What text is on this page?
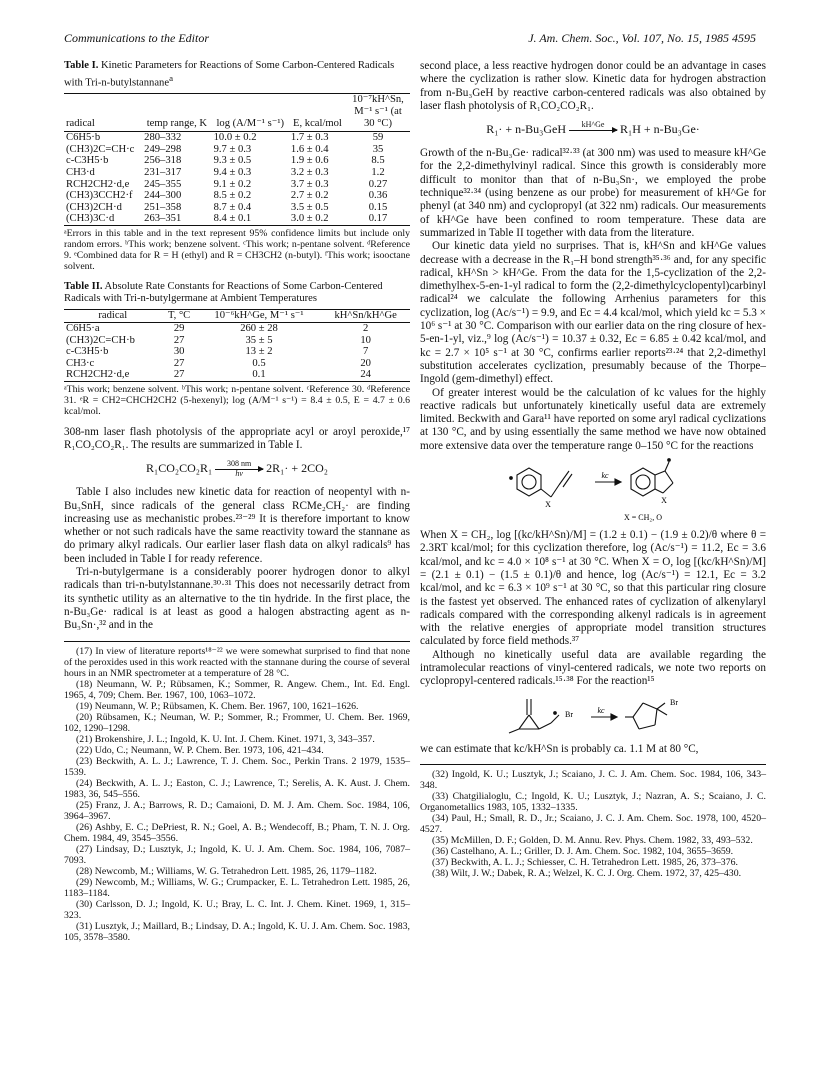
Communications to the Editor	J. Am. Chem. Soc., Vol. 107, No. 15, 1985 4595
Table I. Kinetic Parameters for Reactions of Some Carbon-Centered Radicals with Tri-n-butylstannane$^a$
radical	temp range, K	log (A/M⁻¹ s⁻¹)	E, kcal/mol	10⁻⁷kH^Sn, M⁻¹ s⁻¹ (at 30 °C)

C6H5·b	280–332	10.0 ± 0.2	1.7 ± 0.3	59
(CH3)2C=CH·c	249–298	9.7 ± 0.3	1.6 ± 0.4	35
c-C3H5·b	256–318	9.3 ± 0.5	1.9 ± 0.6	8.5
CH3·d	231–317	9.4 ± 0.3	3.2 ± 0.3	1.2
RCH2CH2·d,e	245–355	9.1 ± 0.2	3.7 ± 0.3	0.27
(CH3)3CCH2·f	244–300	8.5 ± 0.2	2.7 ± 0.2	0.36
(CH3)2CH·d	251–358	8.7 ± 0.4	3.5 ± 0.5	0.15
(CH3)3C·d	263–351	8.4 ± 0.1	3.0 ± 0.2	0.17
ᵃErrors in this table and in the text represent 95% confidence limits but include only random errors. ᵇThis work; benzene solvent. ᶜThis work; n-pentane solvent. ᵈReference 9. ᵉCombined data for R = H (ethyl) and R = CH3CH2 (n-butyl). ᶠThis work; isooctane solvent.
Table II. Absolute Rate Constants for Reactions of Some Carbon-Centered Radicals with Tri-n-butylgermane at Ambient Temperatures
radical	T, °C	10⁻⁶kH^Ge, M⁻¹ s⁻¹	kH^Sn/kH^Ge

C6H5·a	29	260 ± 28	2
(CH3)2C=CH·b	27	35 ± 5	10
c-C3H5·b	30	13 ± 2	7
CH3·c	27	0.5	20
RCH2CH2·d,e	27	0.1	24
ᵃThis work; benzene solvent. ᵇThis work; n-pentane solvent. ᶜReference 30. ᵈReference 31. ᵉR = CH2=CHCH2CH2 (5-hexenyl); log (A/M⁻¹ s⁻¹) = 8.4 ± 0.5, E = 4.7 ± 0.6 kcal/mol.

308-nm laser flash photolysis of the appropriate acyl or aroyl peroxide,¹⁷ R₁CO₂CO₂R₁. The results are summarized in Table I.

$R_1CO_2CO_2R_1 \frac{308 nm}{h\nu} 2R_1\cdot + 2CO_2$

Table I also includes new kinetic data for reaction of neopentyl with n-Bu₃SnH, since radicals of the general class RCMe₂CH₂· are finding increasing use as mechanistic probes.²³⁻²⁹ It is therefore important to know whether or not such radicals have the same reactivity toward the stannane as do primary alkyl radicals. Our earlier laser flash data on alkyl radicals⁹ has been included in Table I for ready reference.

Tri-n-butylgermane is a considerably poorer hydrogen donor to alkyl radicals than tri-n-butylstannane.³⁰·³¹ This does not necessarily detract from its synthetic utility as an alternative to the tin hydride. In the first place, the n-Bu₃Ge· radical is at least as good a halogen abstracting agent as n-Bu₃Sn·,³² and in the

(17) In view of literature reports¹⁸⁻²² we were somewhat surprised to find that none of the peroxides used in this work reacted with the stannane during the course of several hours in an NMR spectrometer at a temperature of 28 °C.
(18) Neumann, W. P.; Rübsamen, K.; Sommer, R. Angew. Chem., Int. Ed. Engl. 1965, 4, 709; Chem. Ber. 1967, 100, 1063–1072.
(19) Neumann, W. P.; Rübsamen, K. Chem. Ber. 1967, 100, 1621–1626.
(20) Rübsamen, K.; Neuman, W. P.; Sommer, R.; Frommer, U. Chem. Ber. 1969, 102, 1290–1298.
(21) Brokenshire, J. L.; Ingold, K. U. Int. J. Chem. Kinet. 1971, 3, 343–357.
(22) Udo, C.; Neumann, W. P. Chem. Ber. 1973, 106, 421–434.
(23) Beckwith, A. L. J.; Lawrence, T. J. Chem. Soc., Perkin Trans. 2 1979, 1535–1539.
(24) Beckwith, A. L. J.; Easton, C. J.; Lawrence, T.; Serelis, A. K. Aust. J. Chem. 1983, 36, 545–556.
(25) Franz, J. A.; Barrows, R. D.; Camaioni, D. M. J. Am. Chem. Soc. 1984, 106, 3964–3967.
(26) Ashby, E. C.; DePriest, R. N.; Goel, A. B.; Wendecoff, B.; Pham, T. N. J. Org. Chem. 1984, 49, 3545–3556.
(27) Lindsay, D.; Lusztyk, J.; Ingold, K. U. J. Am. Chem. Soc. 1984, 106, 7087–7093.
(28) Newcomb, M.; Williams, W. G. Tetrahedron Lett. 1985, 26, 1179–1182.
(29) Newcomb, M.; Williams, W. G.; Crumpacker, E. L. Tetrahedron Lett. 1985, 26, 1183–1184.
(30) Carlsson, D. J.; Ingold, K. U.; Bray, L. C. Int. J. Chem. Kinet. 1969, 1, 315–323.
(31) Lusztyk, J.; Maillard, B.; Lindsay, D. A.; Ingold, K. U. J. Am. Chem. Soc. 1983, 105, 3578–3580.

second place, a less reactive hydrogen donor could be an advantage in cases where the cyclization is rather slow. Kinetic data for hydrogen abstraction from n-Bu₃GeH by reactive carbon-centered radicals was also obtained by laser flash photolysis of R₁CO₂CO₂R₁.

R₁· + n-Bu₃GeH	kH^Ge
	R₁H + n-Bu₃Ge·

Growth of the n-Bu₃Ge· radical³²·³³ (at 300 nm) was used to measure kH^Ge for the 2,2-dimethylvinyl radical. Since this growth is considerably more difficult to monitor than that of n-Bu₃Sn·, we employed the probe technique³²·³⁴ (using benzene as our probe) for measurement of kH^Ge for phenyl (at 340 nm) and cyclopropyl (at 322 nm) radicals. Our measurements of kH^Ge have been confined to room temperature. These data are summarized in Table II together with data from the literature.

Our kinetic data yield no surprises. That is, kH^Sn and kH^Ge values decrease with a decrease in the R₁–H bond strength³⁵·³⁶ and, for any specific radical, kH^Sn > kH^Ge. From the data for the 1,5-cyclization of the 2,2-dimethylhex-5-en-1-yl radical to form the (2,2-dimethylcyclopentyl)carbinyl radical²⁴ we calculate the following Arrhenius parameters for this cyclization, log (Ac/s⁻¹) = 9.9, and Ec = 4.4 kcal/mol, which yield kc = 5.3 × 10⁶ s⁻¹ at 30 °C. Comparison with our earlier data on the ring closure of hex-5-en-1-yl, viz.,⁹ log (Ac/s⁻¹) = 10.37 ± 0.32, Ec = 6.85 ± 0.42 kcal/mol, and kc = 2.7 × 10⁵ s⁻¹ at 30 °C, confirms earlier reports²³·²⁴ that 2,2-dimethyl substitution accelerates cyclization, presumably because of the Thorpe–Ingold (gem-dimethyl) effect.

Of greater interest would be the calculation of kc values for the highly reactive radicals but unfortunately kinetically useful data are extremely limited. Beckwith and Gara¹¹ have reported on some aryl radical cyclizations at 130 °C, and by using essentially the same method we have now obtained more extensive data over the temperature range 0–150 °C for the reactions

kc
X	X
X = CH₂, O

When X = CH₂, log [(kc/kH^Sn)/M] = (1.2 ± 0.1) − (1.9 ± 0.2)/θ where θ = 2.3RT kcal/mol; for this cyclization therefore, log (Ac/s⁻¹) = 11.2, Ec = 3.6 kcal/mol, and kc = 4.0 × 10⁸ s⁻¹ at 30 °C. When X = O, log [(kc/kH^Sn)/M] = (2.1 ± 0.1) − (1.5 ± 0.1)/θ and hence, log (Ac/s⁻¹) = 12.1, Ec = 3.2 kcal/mol, and kc = 6.3 × 10⁹ s⁻¹ at 30 °C, so that this particular ring closure is the fastest yet observed. The enhanced rates of cyclization of alkenylaryl radicals compared with the corresponding alkenyl radicals is in agreement with the relative energies of appropriate model transition structures calculated by force field methods.³⁷

Although no kinetically useful data are available regarding the intramolecular reactions of vinyl-centered radicals, we note two reports on cyclopropyl-centered radicals.¹⁵·³⁸ For the reaction¹⁵

Br	kc
Br

we can estimate that kc/kH^Sn is probably ca. 1.1 M at 80 °C,

(32) Ingold, K. U.; Lusztyk, J.; Scaiano, J. C. J. Am. Chem. Soc. 1984, 106, 343–348.
(33) Chatgilialoglu, C.; Ingold, K. U.; Lusztyk, J.; Nazran, A. S.; Scaiano, J. C. Organometallics 1983, 105, 1332–1335.
(34) Paul, H.; Small, R. D., Jr.; Scaiano, J. C. J. Am. Chem. Soc. 1978, 100, 4520–4527.
(35) McMillen, D. F.; Golden, D. M. Annu. Rev. Phys. Chem. 1982, 33, 493–532.
(36) Castelhano, A. L.; Griller, D. J. Am. Chem. Soc. 1982, 104, 3655–3659.
(37) Beckwith, A. L. J.; Schiesser, C. H. Tetrahedron Lett. 1985, 26, 373–376.
(38) Wilt, J. W.; Dabek, R. A.; Welzel, K. C. J. Org. Chem. 1972, 37, 425–430.
